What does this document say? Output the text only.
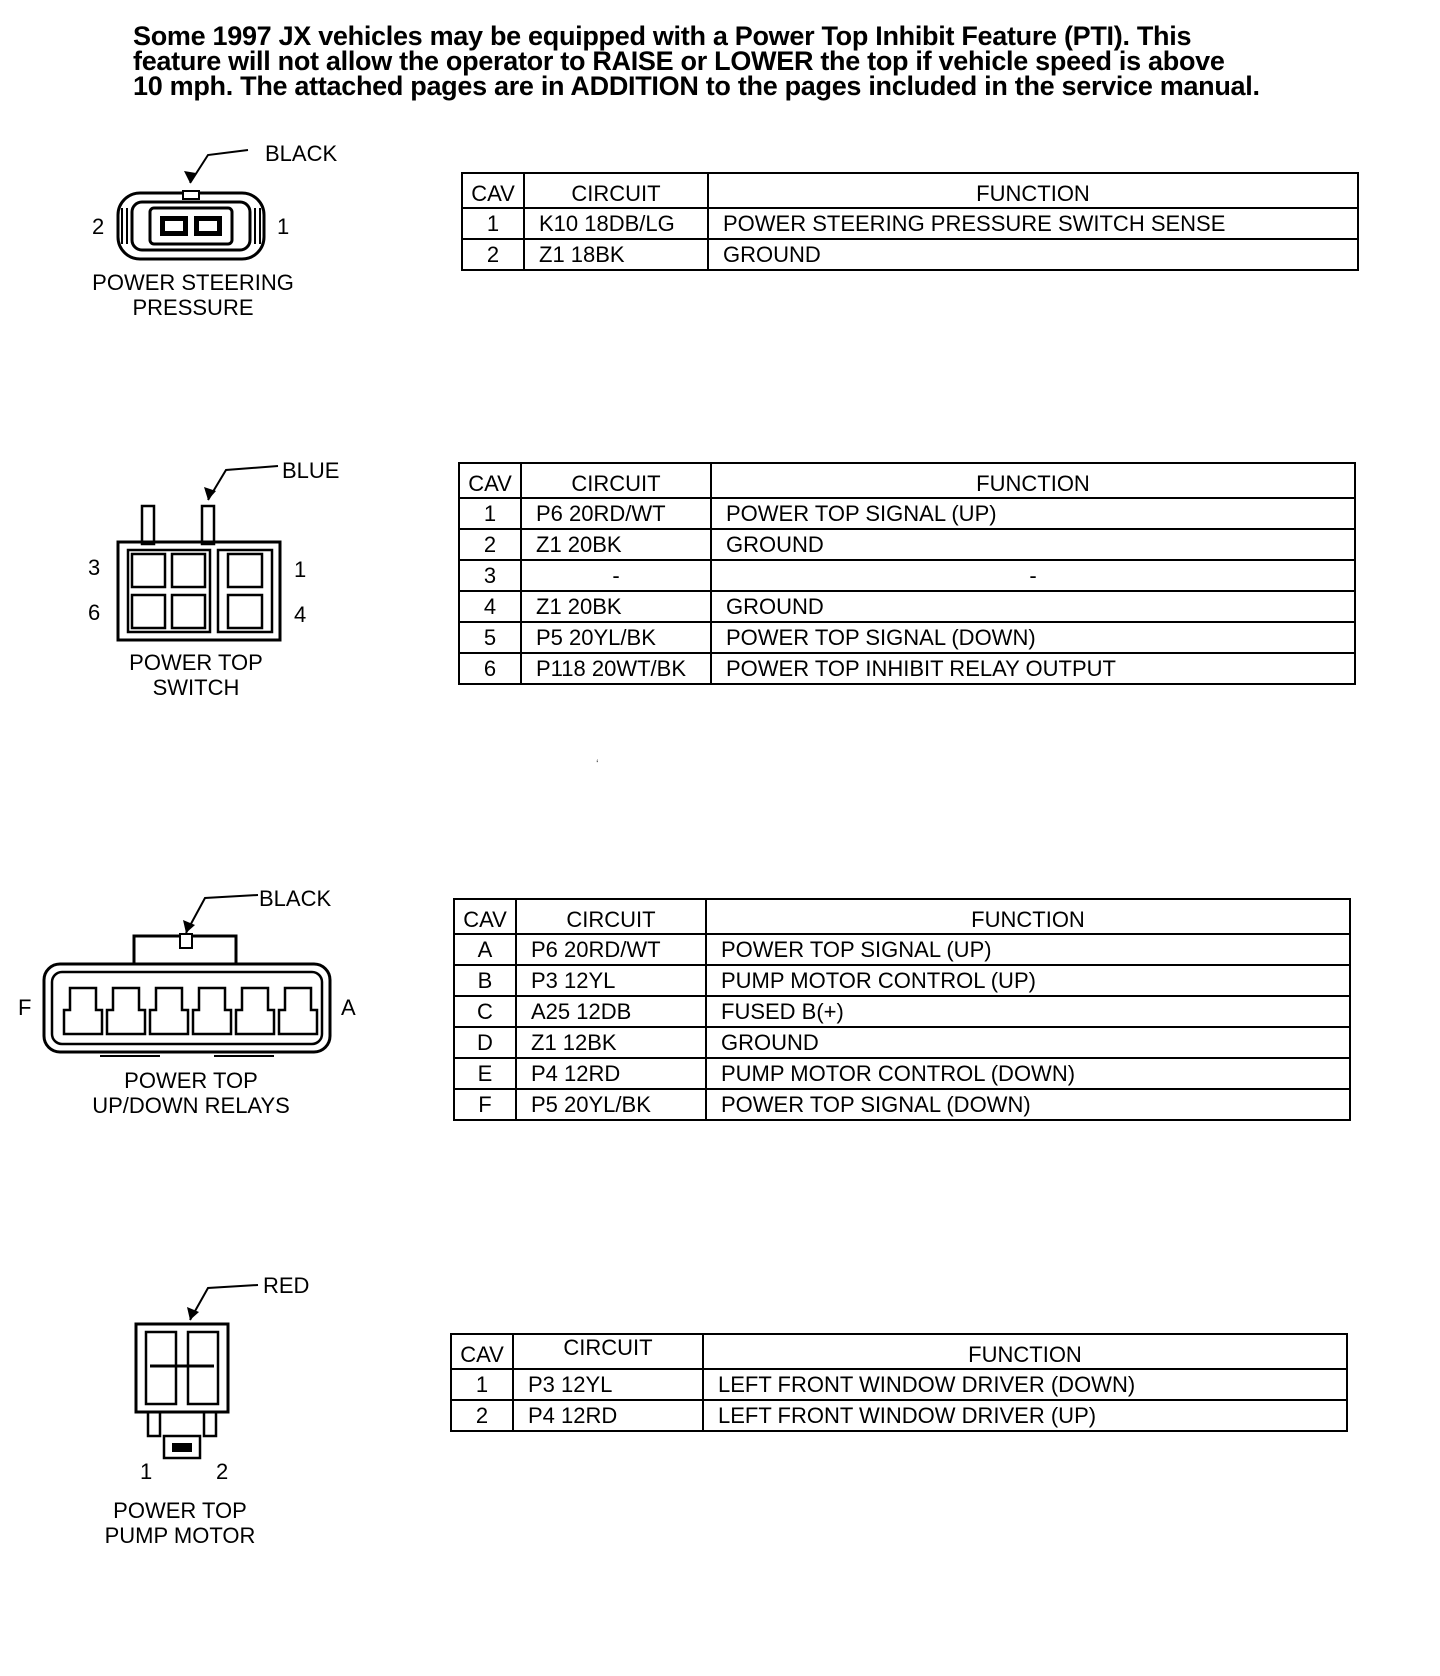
Some 1997 JX vehicles may be equipped with a Power Top Inhibit Feature (PTI). This
feature will not allow the operator to RAISE or LOWER the top if vehicle speed is above
10 mph. The attached pages are in ADDITION to the pages included in the service manual.
BLACK
2	1
POWER STEERING
PRESSURE
CAV	CIRCUIT	FUNCTION
1	K10 18DB/LG	POWER STEERING PRESSURE SWITCH SENSE
2	Z1 18BK	GROUND
BLUE
3
6
1
4
POWER TOP
SWITCH
CAV	CIRCUIT	FUNCTION
1	P6 20RD/WT	POWER TOP SIGNAL (UP)
2	Z1 20BK	GROUND
3	-	-
4	Z1 20BK	GROUND
5	P5 20YL/BK	POWER TOP SIGNAL (DOWN)
6	P118 20WT/BK	POWER TOP INHIBIT RELAY OUTPUT
‘
BLACK
F	A
POWER TOP
UP/DOWN RELAYS
CAV	CIRCUIT	FUNCTION
A	P6 20RD/WT	POWER TOP SIGNAL (UP)
B	P3 12YL	PUMP MOTOR CONTROL (UP)
C	A25 12DB	FUSED B(+)
D	Z1 12BK	GROUND
E	P4 12RD	PUMP MOTOR CONTROL (DOWN)
F	P5 20YL/BK	POWER TOP SIGNAL (DOWN)
RED
1	2
POWER TOP
PUMP MOTOR
CAV	CIRCUIT	FUNCTION
1	P3 12YL	LEFT FRONT WINDOW DRIVER (DOWN)
2	P4 12RD	LEFT FRONT WINDOW DRIVER (UP)
